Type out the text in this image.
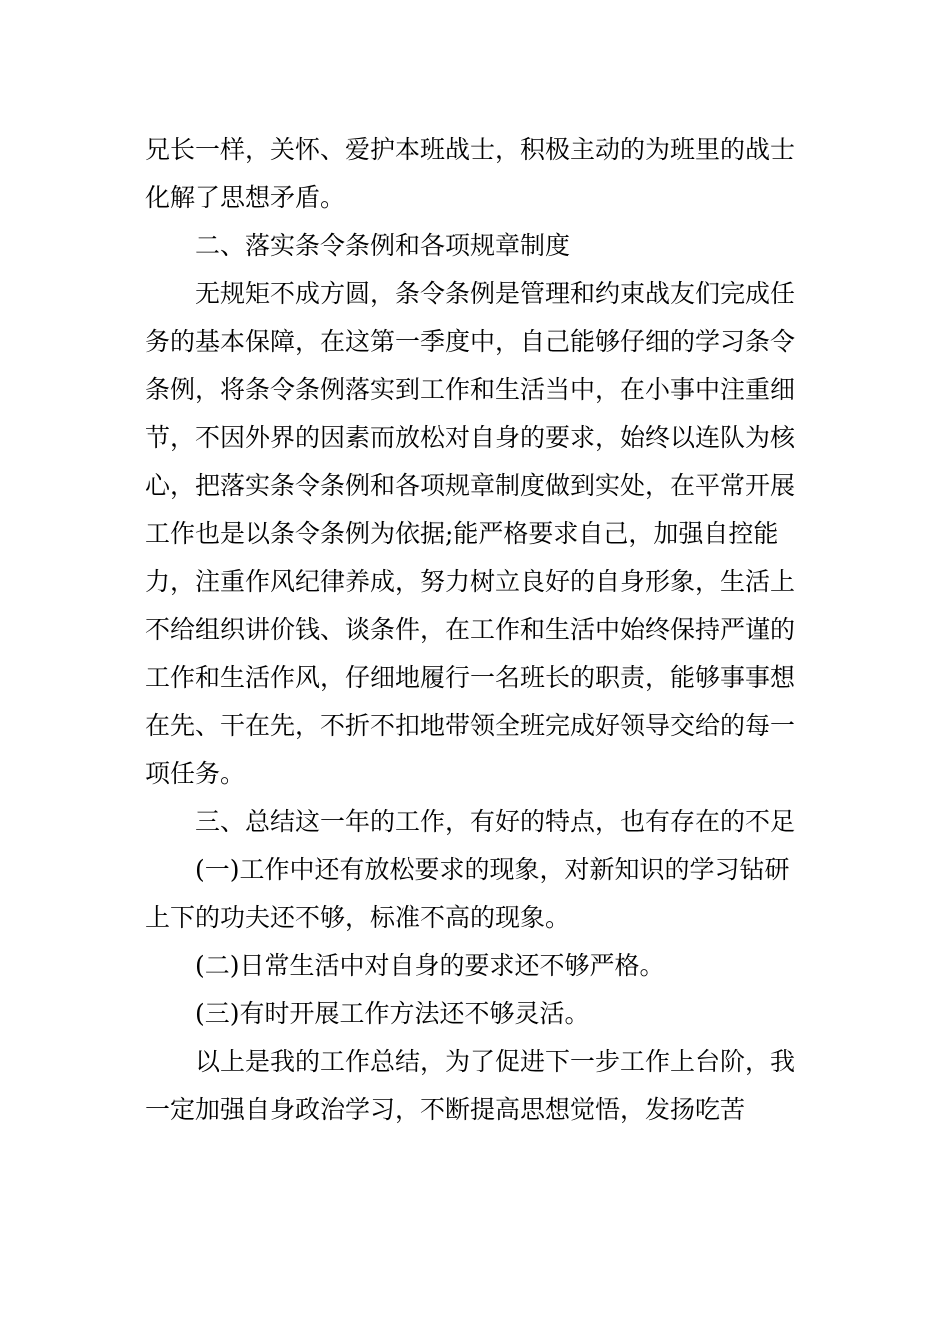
兄长一样，关怀、爱护本班战士，积极主动的为班里的战士化解了思想矛盾。

二、落实条令条例和各项规章制度

无规矩不成方圆，条令条例是管理和约束战友们完成任务的基本保障，在这第一季度中，自己能够仔细的学习条令条例，将条令条例落实到工作和生活当中，在小事中注重细节，不因外界的因素而放松对自身的要求，始终以连队为核心，把落实条令条例和各项规章制度做到实处，在平常开展工作也是以条令条例为依据;能严格要求自己，加强自控能力，注重作风纪律养成，努力树立良好的自身形象，生活上不给组织讲价钱、谈条件，在工作和生活中始终保持严谨的工作和生活作风，仔细地履行一名班长的职责，能够事事想在先、干在先，不折不扣地带领全班完成好领导交给的每一项任务。

三、总结这一年的工作，有好的特点，也有存在的不足

(一)工作中还有放松要求的现象，对新知识的学习钻研上下的功夫还不够，标准不高的现象。

(二)日常生活中对自身的要求还不够严格。

(三)有时开展工作方法还不够灵活。

以上是我的工作总结，为了促进下一步工作上台阶，我一定加强自身政治学习，不断提高思想觉悟，发扬吃苦
